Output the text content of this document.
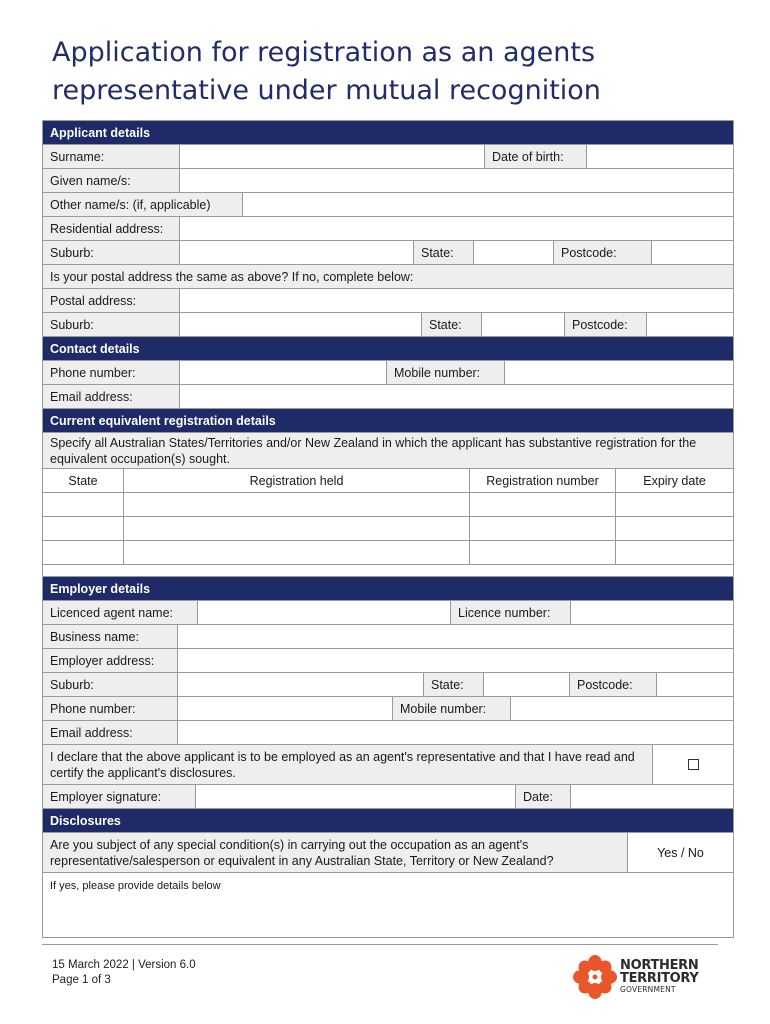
Application for registration as an agents
representative under mutual recognition
Applicant details
Surname:	Date of birth:
Given name/s:
Other name/s: (if, applicable)
Residential address:
Suburb:	State:	Postcode:
Is your postal address the same as above? If no, complete below:
Postal address:
Suburb:	State:	Postcode:
Contact details
Phone number:	Mobile number:
Email address:
Current equivalent registration details
Specify all Australian States/Territories and/or New Zealand in which the applicant has substantive registration for the equivalent occupation(s) sought.
State	Registration held	Registration number	Expiry date
Employer details
Licenced agent name:	Licence number:
Business name:
Employer address:
Suburb:	State:	Postcode:
Phone number:	Mobile number:
Email address:
I declare that the above applicant is to be employed as an agent's representative and that I have read and certify the applicant's disclosures.
Employer signature:	Date:
Disclosures
Are you subject of any special condition(s) in carrying out the occupation as an agent's representative/salesperson or equivalent in any Australian State, Territory or New Zealand?
Yes / No
If yes, please provide details below
15 March 2022 | Version 6.0
Page 1 of 3
NORTHERN
TERRITORY
GOVERNMENT
